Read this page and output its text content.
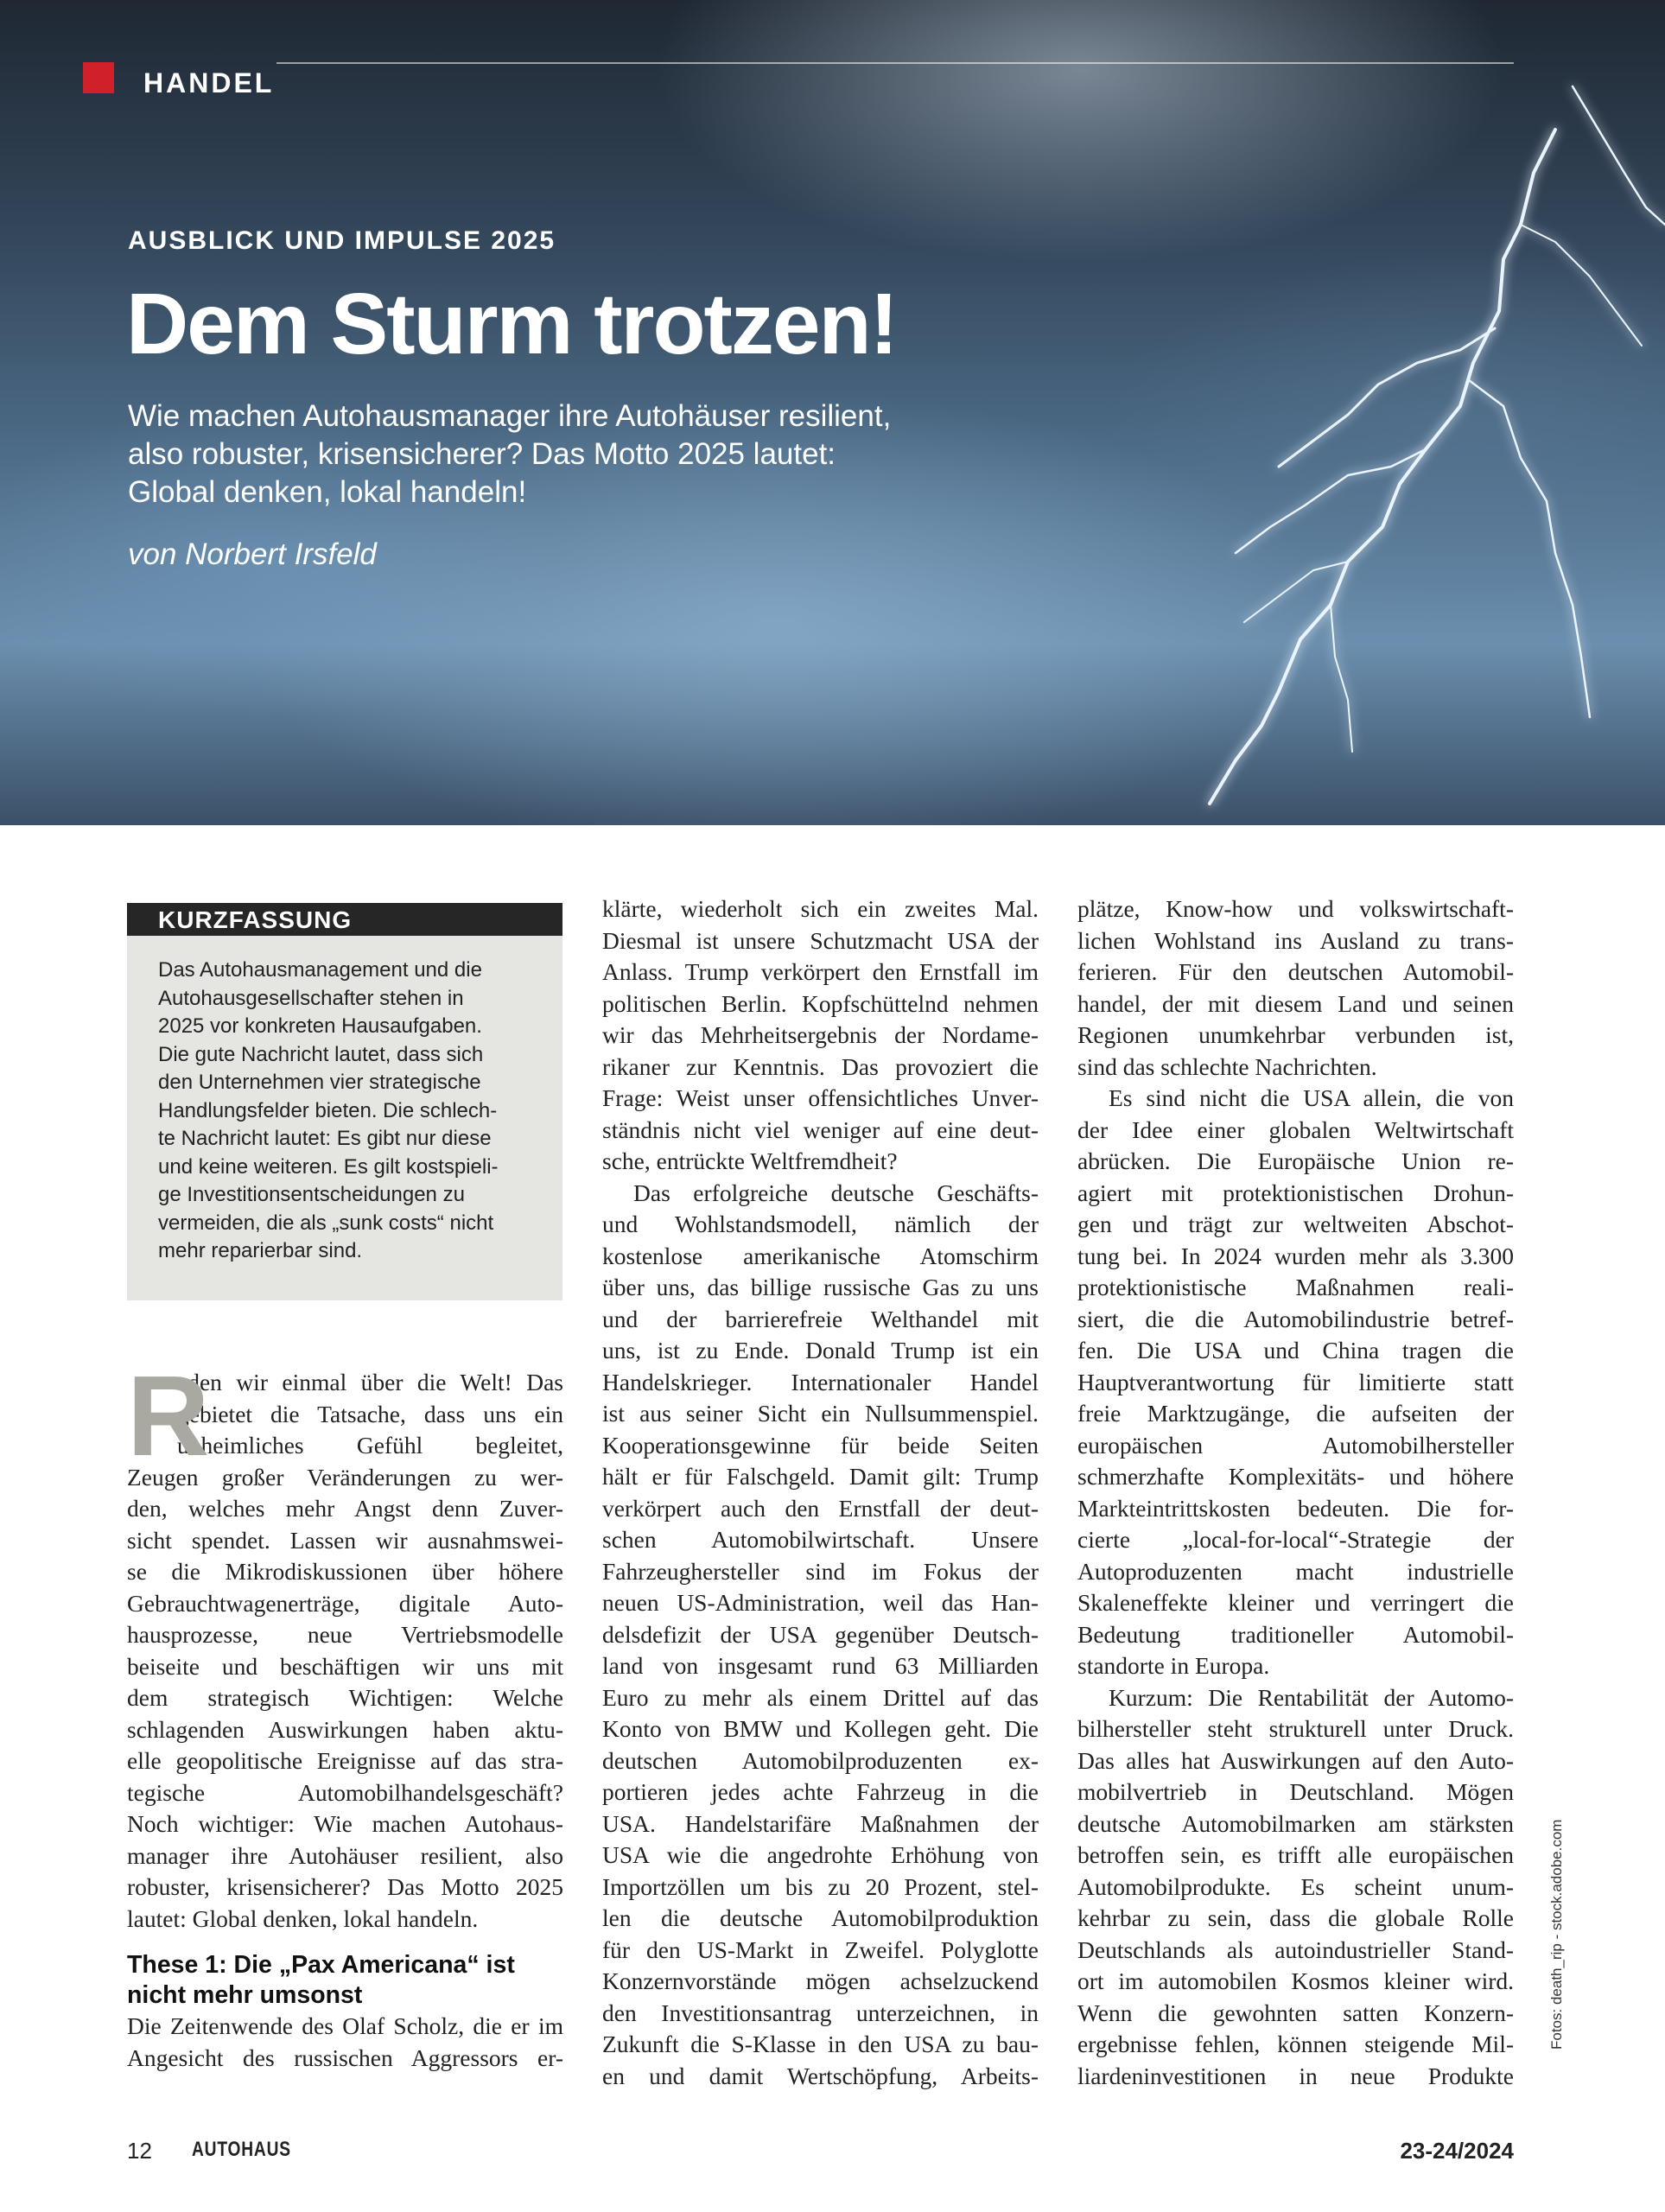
HANDEL
AUSBLICK UND IMPULSE 2025
Dem Sturm trotzen!
Wie machen Autohausmanager ihre Autohäuser resilient,
also robuster, krisensicherer? Das Motto 2025 lautet:
Global denken, lokal handeln!
von Norbert Irsfeld
KURZFASSUNG
Das Autohausmanagement und die
Autohausgesellschafter stehen in
2025 vor konkreten Hausaufgaben.
Die gute Nachricht lautet, dass sich
den Unternehmen vier strategische
Handlungsfelder bieten. Die schlech-
te Nachricht lautet: Es gibt nur diese
und keine weiteren. Es gilt kostspieli-
ge Investitionsentscheidungen zu
vermeiden, die als „sunk costs“ nicht
mehr reparierbar sind.
R
eden wir einmal über die Welt! Das
gebietet die Tatsache, dass uns ein
unheimliches Gefühl begleitet,
Zeugen großer Veränderungen zu wer-
den, welches mehr Angst denn Zuver-
sicht spendet. Lassen wir ausnahmswei-
se die Mikrodiskussionen über höhere
Gebrauchtwagenerträge, digitale Auto-
hausprozesse, neue Vertriebsmodelle
beiseite und beschäftigen wir uns mit
dem strategisch Wichtigen: Welche
schlagenden Auswirkungen haben aktu-
elle geopolitische Ereignisse auf das stra-
tegische Automobilhandelsgeschäft?
Noch wichtiger: Wie machen Autohaus-
manager ihre Autohäuser resilient, also
robuster, krisensicherer? Das Motto 2025
lautet: Global denken, lokal handeln.
These 1: Die „Pax Americana“ ist
nicht mehr umsonst
Die Zeitenwende des Olaf Scholz, die er im
Angesicht des russischen Aggressors er-
klärte, wiederholt sich ein zweites Mal.
Diesmal ist unsere Schutzmacht USA der
Anlass. Trump verkörpert den Ernstfall im
politischen Berlin. Kopfschüttelnd nehmen
wir das Mehrheitsergebnis der Nordame-
rikaner zur Kenntnis. Das provoziert die
Frage: Weist unser offensichtliches Unver-
ständnis nicht viel weniger auf eine deut-
sche, entrückte Weltfremdheit?
Das erfolgreiche deutsche Geschäfts-
und Wohlstandsmodell, nämlich der
kostenlose amerikanische Atomschirm
über uns, das billige russische Gas zu uns
und der barrierefreie Welthandel mit
uns, ist zu Ende. Donald Trump ist ein
Handelskrieger. Internationaler Handel
ist aus seiner Sicht ein Nullsummenspiel.
Kooperationsgewinne für beide Seiten
hält er für Falschgeld. Damit gilt: Trump
verkörpert auch den Ernstfall der deut-
schen Automobilwirtschaft. Unsere
Fahrzeughersteller sind im Fokus der
neuen US-Administration, weil das Han-
delsdefizit der USA gegenüber Deutsch-
land von insgesamt rund 63 Milliarden
Euro zu mehr als einem Drittel auf das
Konto von BMW und Kollegen geht. Die
deutschen Automobilproduzenten ex-
portieren jedes achte Fahrzeug in die
USA. Handelstarifäre Maßnahmen der
USA wie die angedrohte Erhöhung von
Importzöllen um bis zu 20 Prozent, stel-
len die deutsche Automobilproduktion
für den US-Markt in Zweifel. Polyglotte
Konzernvorstände mögen achselzuckend
den Investitionsantrag unterzeichnen, in
Zukunft die S-Klasse in den USA zu bau-
en und damit Wertschöpfung, Arbeits-
plätze, Know-how und volkswirtschaft-
lichen Wohlstand ins Ausland zu trans-
ferieren. Für den deutschen Automobil-
handel, der mit diesem Land und seinen
Regionen unumkehrbar verbunden ist,
sind das schlechte Nachrichten.
Es sind nicht die USA allein, die von
der Idee einer globalen Weltwirtschaft
abrücken. Die Europäische Union re-
agiert mit protektionistischen Drohun-
gen und trägt zur weltweiten Abschot-
tung bei. In 2024 wurden mehr als 3.300
protektionistische Maßnahmen reali-
siert, die die Automobilindustrie betref-
fen. Die USA und China tragen die
Hauptverantwortung für limitierte statt
freie Marktzugänge, die aufseiten der
europäischen Automobilhersteller
schmerzhafte Komplexitäts- und höhere
Markteintrittskosten bedeuten. Die for-
cierte „local-for-local“-Strategie der
Autoproduzenten macht industrielle
Skaleneffekte kleiner und verringert die
Bedeutung traditioneller Automobil-
standorte in Europa.
Kurzum: Die Rentabilität der Automo-
bilhersteller steht strukturell unter Druck.
Das alles hat Auswirkungen auf den Auto-
mobilvertrieb in Deutschland. Mögen
deutsche Automobilmarken am stärksten
betroffen sein, es trifft alle europäischen
Automobilprodukte. Es scheint unum-
kehrbar zu sein, dass die globale Rolle
Deutschlands als autoindustrieller Stand-
ort im automobilen Kosmos kleiner wird.
Wenn die gewohnten satten Konzern-
ergebnisse fehlen, können steigende Mil-
liardeninvestitionen in neue Produkte
12 AUTOHAUS	23-24/2024
Fotos: death_rip - stock.adobe.com
